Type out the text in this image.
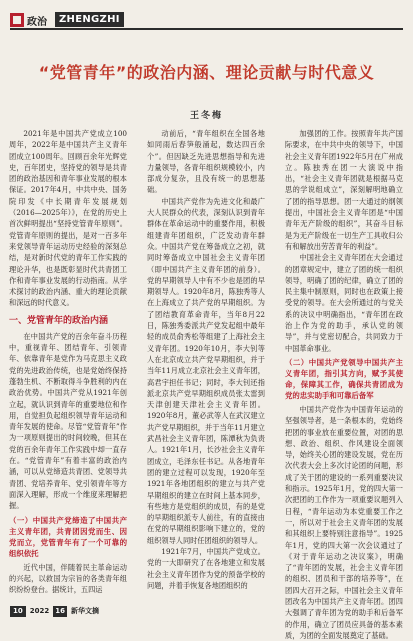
政治	ZHENGZHI
“党管青年”的政治内涵、理论贡献与时代意义
王冬梅

2021年是中国共产党成立100周年，2022年是中国共产主义青年团成立100周年。回顾百余年光辉党史，百年团史，坚持党的领导是共青团的政治基因和青年事业发展的根本保证。2017年4月，中共中央、国务院印发《中长期青年发展规划（2016—2025年）》，在党的历史上首次鲜明提出“坚持党管青年原则”。党管青年原则的提出，是对一百多年来党领导青年运动历史经验的深刻总结，是对新时代党的青年工作实践的理论升华，也是既彰显时代共青团工作和青年事业发展的行动指南。从学术探讨的政治内涵、重大的理论贡献和深远的时代意义。

一、党管青年的政治内涵

在中国共产党的百余年奋斗历程中，重视青年、团结青年、引领青年、依靠青年是党作为马克思主义政党的先进政治传统，也是党始终保持蓬勃生机、不断取得斗争胜利的内在政治优势。中国共产党从1921年创立起，就认识到青年的重要地位和作用，自觉担负起组织领导青年运动和青年发展的使命。尽管“党管青年”作为一项原则提出的时间较晚，但其在党的百余年青年工作实践中却一直存在。“党管青年”有着丰富的政治内涵，可以从党缔造共青团、党领导共青团、党培养青年、党引领青年等方面深入理解，形成一个维度来理解把握。

（一）中国共产党缔造了中国共产主义青年团，共青团因党而生、因党而立，党管青年有了一个可靠的组织依托

近代中国，伴随着民主革命运动的兴起，以救国为宗旨的各类青年组织纷纷登台。据统计，五四运

动前后，“青年组织在全国各地如同雨后春笋般涌起，数达四百余个”。但因缺乏先进思想指导和先进力量领导，各青年组织规模较小，内部成分复杂，且没有统一的思想基础。

中国共产党作为先进文化和最广大人民群众的代表，深刻认识到青年群体在革命运动中的重要作用，积极组建青年团组织，广泛发动青年群众。中国共产党在筹备成立之初，就同时筹备成立中国社会主义青年团（即中国共产主义青年团的前身）。党的早期领导人中有不少也是团的早期领导人。1920年8月，陈独秀等人在上海成立了共产党的早期组织。为了团结教育革命青年，当年8月22日，陈独秀委派共产党发起组中最年轻的成员俞秀松等组建了上海社会主义青年团。1920年10月，李大钊等人在北京成立共产党早期组织，并于当年11月成立北京社会主义青年团，高君宇担任书记；同时，李大钊还指派北京共产党早期组织成员张太雷到天津创建天津社会主义青年团。1920年8月，董必武等人在武汉建立共产党早期组织，并于当年11月建立武昌社会主义青年团，陈潭秋为负责人。1921年1月，长沙社会主义青年团成立，毛泽东任书记。从各地青年团的建立过程可以发现，1920年至1921年各地团组织的建立与共产党早期组织的建立在时间上基本同步，有些地方是党组织的成员，有的是党的早期组织派专人前往，有的直接由在党的早期组织影响下建立的，党的组织领导人同时任团组织的领导人。

1921年7月，中国共产党成立。党的一大即研究了在各地建立和发展社会主义青年团作为党的预备学校的问题，并着手恢复各地团组织的

加强团的工作。按照青年共产国际要求，在中共中央的领导下，中国社会主义青年团1922年5月在广州成立。陈独秀在团一大演说中指出，“社会主义青年团就是根据马克思的学说组成立”，深刻解明地确立了团的指导思想。团一大通过的纲领提出，中国社会主义青年团是“中国青年无产阶级的组织”，其奋斗目标是为无产阶级在一切生产工具收归公有和解放出劳苦青年的利益”。

中国社会主义青年团在大会通过的团章规定中，建立了团的统一组织领导，明确了团的纪律，确立了团的民主集中制原则，同时也在政策上接受党的领导。在大会所通过的与党关系的决议中明确指出，“青年团在政治上作为党的助手，承认党的领导”，并与党密切配合，共同致力于中国革命事业。

（二）中国共产党领导中国共产主义青年团，指引其方向，赋予其使命，保障其工作，确保共青团成为党的忠实助手和可靠后备军

中国共产党作为中国青年运动的坚强领导者，是一条根本的，党始终把团的事业放在重要位置，对团的思想、政治、组织、作风建设全面领导，始终关心团的建设发展，党在历次代表大会上多次讨论团的问题，形成了关于团的建设的一系列重要决议和指示。1925年1月，党的四大第一次把团的工作作为一项重要议题列入日程，“青年运动为本党重要工作之一，所以对于社会主义青年团的发展和其组织上要特别注意指导”。1925年1月，党的四大第一次会议通过了《对于青年运动之决议案》，明确了“青年团的发展，社会主义青年团的组织、团员和干部的培养等”，在团四大召开之际，中国社会主义青年团改名为中国共产主义青年团。团四大强调了青年团为党的助手和后备军的作用，确立了团员应具备的基本素质，为团的全面发展奠定了基础。

10 2022 16 新华文摘
